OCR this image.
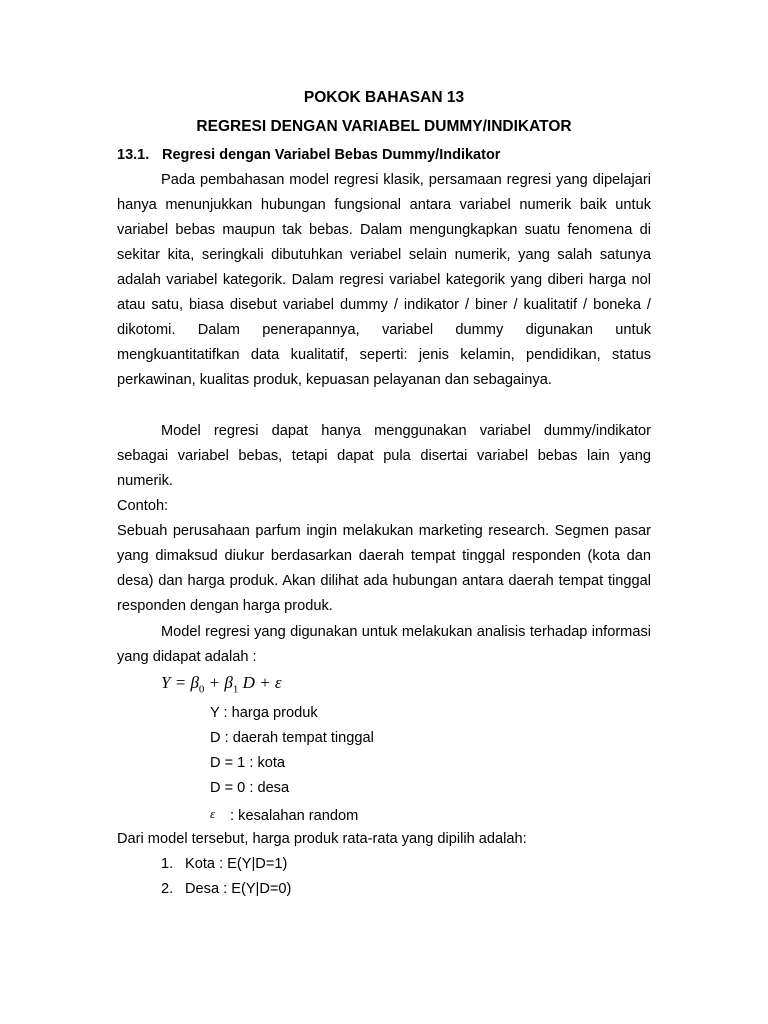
POKOK BAHASAN 13
REGRESI DENGAN VARIABEL DUMMY/INDIKATOR
13.1. Regresi dengan Variabel Bebas Dummy/Indikator

Pada pembahasan model regresi klasik, persamaan regresi yang dipelajari hanya menunjukkan hubungan fungsional antara variabel numerik baik untuk variabel bebas maupun tak bebas. Dalam mengungkapkan suatu fenomena di sekitar kita, seringkali dibutuhkan veriabel selain numerik, yang salah satunya adalah variabel kategorik. Dalam regresi variabel kategorik yang diberi harga nol atau satu, biasa disebut variabel dummy / indikator / biner / kualitatif / boneka / dikotomi. Dalam penerapannya, variabel dummy digunakan untuk mengkuantitatifkan data kualitatif, seperti: jenis kelamin, pendidikan, status perkawinan, kualitas produk, kepuasan pelayanan dan sebagainya.

Model regresi dapat hanya menggunakan variabel dummy/indikator sebagai variabel bebas, tetapi dapat pula disertai variabel bebas lain yang numerik.

Contoh:

Sebuah perusahaan parfum ingin melakukan marketing research. Segmen pasar yang dimaksud diukur berdasarkan daerah tempat tinggal responden (kota dan desa) dan harga produk. Akan dilihat ada hubungan antara daerah tempat tinggal responden dengan harga produk.

Model regresi yang digunakan untuk melakukan analisis terhadap informasi yang didapat adalah :

$Y = \beta_0 + \beta_1$ D + ε
Y : harga produk
D : daerah tempat tinggal
D = 1 : kota
D = 0 : desa
ε : kesalahan random
Dari model tersebut, harga produk rata-rata yang dipilih adalah:
1. Kota : E(Y|D=1)
2. Desa : E(Y|D=0)
